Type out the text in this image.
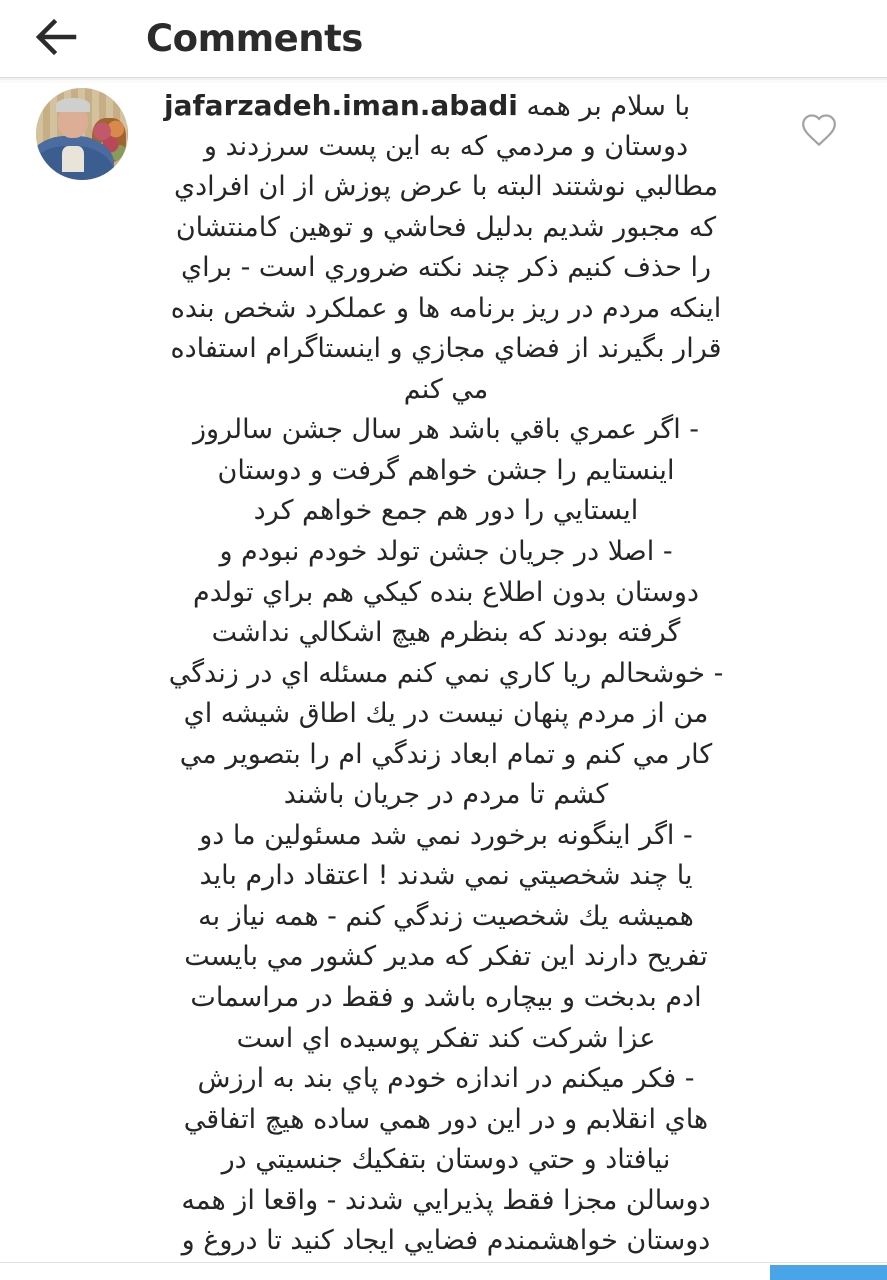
Comments
jafarzadeh.iman.abadi با سلام بر همه
دوستان و مردمي كه به اين پست سرزدند و
مطالبي نوشتند البته با عرض پوزش از ان افرادي
كه مجبور شديم بدليل فحاشي و توهين كامنتشان
را حذف كنيم ذكر چند نكته ضروري است - براي
اينكه مردم در ريز برنامه ها و عملكرد شخص بنده
قرار بگيرند از فضاي مجازي و اينستاگرام استفاده
مي كنم
- اگر عمري باقي باشد هر سال جشن سالروز
اينستايم را جشن خواهم گرفت و دوستان
ايستايي را دور هم جمع خواهم كرد
- اصلا در جريان جشن تولد خودم نبودم و
دوستان بدون اطلاع بنده كيكي هم براي تولدم
گرفته بودند كه بنظرم هيچ اشكالي نداشت
- خوشحالم ريا كاري نمي كنم مسئله اي در زندگي
من از مردم پنهان نيست در يك اطاق شيشه اي
كار مي كنم و تمام ابعاد زندگي ام را بتصوير مي
كشم تا مردم در جريان باشند
- اگر اينگونه برخورد نمي شد مسئولين ما دو
يا چند شخصيتي نمي شدند ! اعتقاد دارم بايد
هميشه يك شخصيت زندگي كنم - همه نياز به
تفريح دارند اين تفكر كه مدير كشور مي بايست
ادم بدبخت و بيچاره باشد و فقط در مراسمات
عزا شركت كند تفكر پوسيده اي است
- فكر ميكنم در اندازه خودم پاي بند به ارزش
هاي انقلابم و در اين دور همي ساده هيچ اتفاقي
نيافتاد و حتي دوستان بتفكيك جنسيتي در
دوسالن مجزا فقط پذيرايي شدند - واقعا از همه
دوستان خواهشمندم فضايي ايجاد كنيد تا دروغ و
